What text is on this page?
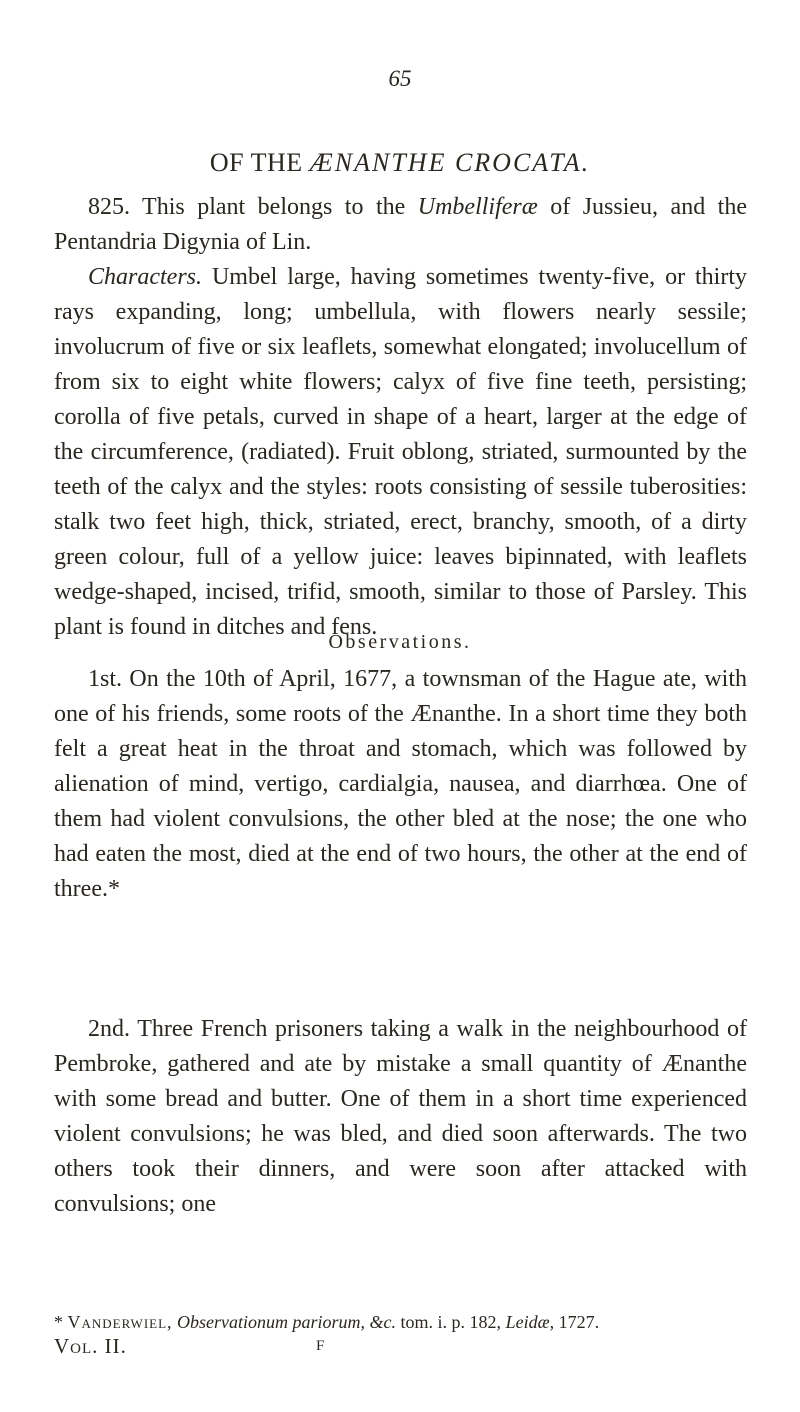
65
OF THE ÆNANTHE CROCATA.

825. This plant belongs to the Umbelliferæ of Jussieu, and the Pentandria Digynia of Lin.

Characters. Umbel large, having sometimes twenty-five, or thirty rays expanding, long; umbellula, with flowers nearly sessile; involucrum of five or six leaflets, somewhat elongated; involucellum of from six to eight white flowers; calyx of five fine teeth, persisting; corolla of five petals, curved in shape of a heart, larger at the edge of the circumference, (radiated). Fruit oblong, striated, surmounted by the teeth of the calyx and the styles: roots consisting of sessile tuberosities: stalk two feet high, thick, striated, erect, branchy, smooth, of a dirty green colour, full of a yellow juice: leaves bipinnated, with leaflets wedge-shaped, incised, trifid, smooth, similar to those of Parsley. This plant is found in ditches and fens.

Observations.

1st. On the 10th of April, 1677, a townsman of the Hague ate, with one of his friends, some roots of the Ænanthe. In a short time they both felt a great heat in the throat and stomach, which was followed by alienation of mind, vertigo, cardialgia, nausea, and diarrhœa. One of them had violent convulsions, the other bled at the nose; the one who had eaten the most, died at the end of two hours, the other at the end of three.*

2nd. Three French prisoners taking a walk in the neighbourhood of Pembroke, gathered and ate by mistake a small quantity of Ænanthe with some bread and butter. One of them in a short time experienced violent convulsions; he was bled, and died soon afterwards. The two others took their dinners, and were soon after attacked with convulsions; one

* Vanderwiel, Observationum pariorum, &c. tom. i. p. 182, Leidæ, 1727.
Vol. II.	F
